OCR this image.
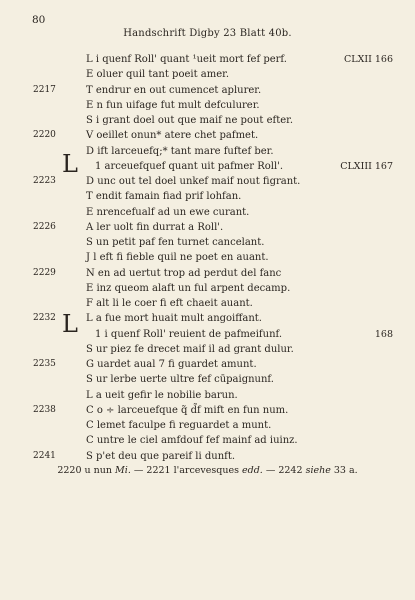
80
Handschrift Digby 23 Blatt 40b.
L i quenf Roll' quant ¹ueit mort fef perf.	CLXII 166
E oluer quil tant poeit amer.
2217	T endrur en out cumencet aplurer.
E n fun uifage fut mult defculurer.
S i grant doel out que maif ne pout efter.
2220	V oeillet onun* atere chet pafmet.
D ift larceuefq;* tant mare fuftef ber.
1 arceuefquef quant uit pafmer Roll'.	CLXIII 167
2223	D unc out tel doel unkef maif nout figrant.
T endit famain fiad prif lohfan.
E nrencefualf ad un ewe curant.
2226	A ler uolt fin durrat a Roll'.
S un petit paf fen turnet cancelant.
J l eft fi fieble quil ne poet en auant.
2229	N en ad uertut trop ad perdut del fanc
E inz queom alaft un ful arpent decamp.
F alt li le coer fi eft chaeit auant.
2232	L a fue mort huait mult angoiffant.
1 i quenf Roll' reuient de pafmeifunf.	168
S ur piez fe drecet maif il ad grant dulur.
2235	G uardet aual 7 fi guardet amunt.
S ur lerbe uerte ultre fef cūpaignunf.
L a ueit gefir le nobilie barun.
2238	C o ÷ larceuefque q̃ d̃f mift en fun num.
C lemet faculpe fi reguardet a munt.
C untre le ciel amfdouf fef mainf ad iuinz.
2241	S p'et deu que pareif li dunft.
L
L
2220 u nun Mi. — 2221 l'arcevesques edd. — 2242 siehe 33 a.
